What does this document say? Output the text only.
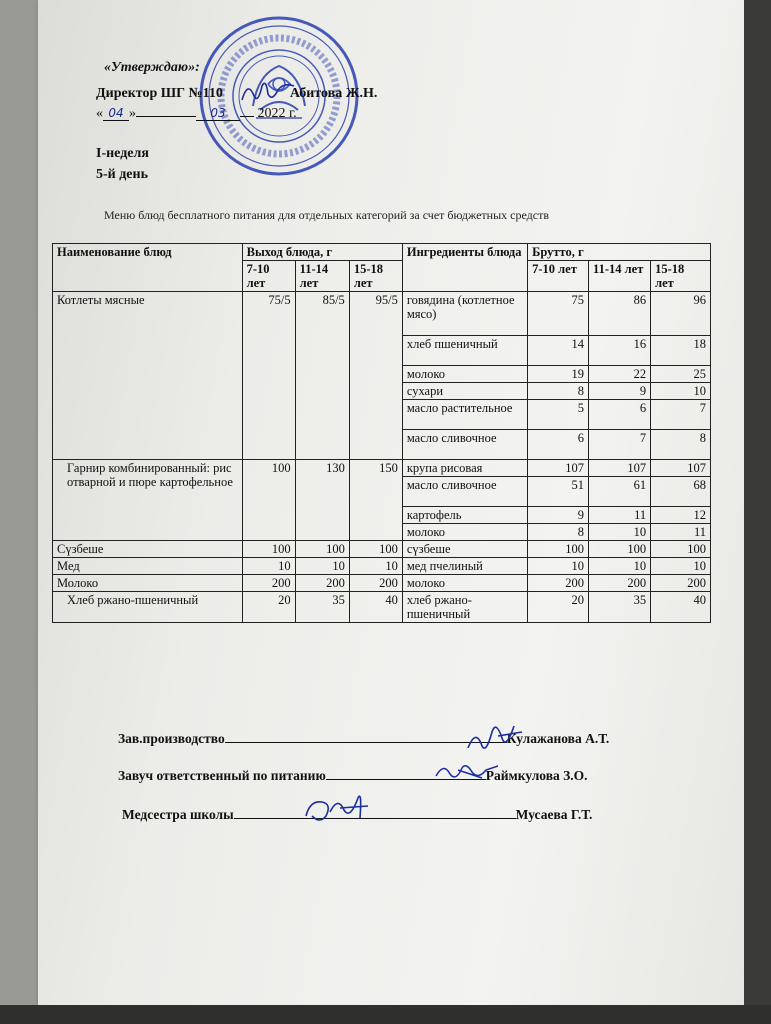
«Утверждаю»:
Директор ШГ №110	Абитова Ж.Н.
« 04 »	03 2022 г.
I-неделя
5-й день
Меню блюд бесплатного питания для отдельных категорий за счет бюджетных средств
Наименование блюд	Выход блюда, г			Ингредиенты блюда	Брутто, г		
	7-10 лет	11-14 лет	15-18 лет		7-10 лет	11-14 лет	15-18 лет
Котлеты мясные	75/5	85/5	95/5	говядина (котлетное мясо)	75	86	96
				хлеб пшеничный	14	16	18
				молоко	19	22	25
				сухари	8	9	10
				масло растительное	5	6	7
				масло сливочное	6	7	8
Гарнир комбинированный: рис отварной и пюре картофельное	100	130	150	крупа рисовая	107	107	107
				масло сливочное	51	61	68
				картофель	9	11	12
				молоко	8	10	11
Сүзбеше	100	100	100	сүзбеше	100	100	100
Мед	10	10	10	мед пчелиный	10	10	10
Молоко	200	200	200	молоко	200	200	200
Хлеб ржано-пшеничный	20	35	40	хлеб ржано-пшеничный	20	35	40
Зав.производство	Кулажанова А.Т.
Завуч ответственный по питанию	Раймкулова З.О.
Медсестра школы	Мусаева Г.Т.
